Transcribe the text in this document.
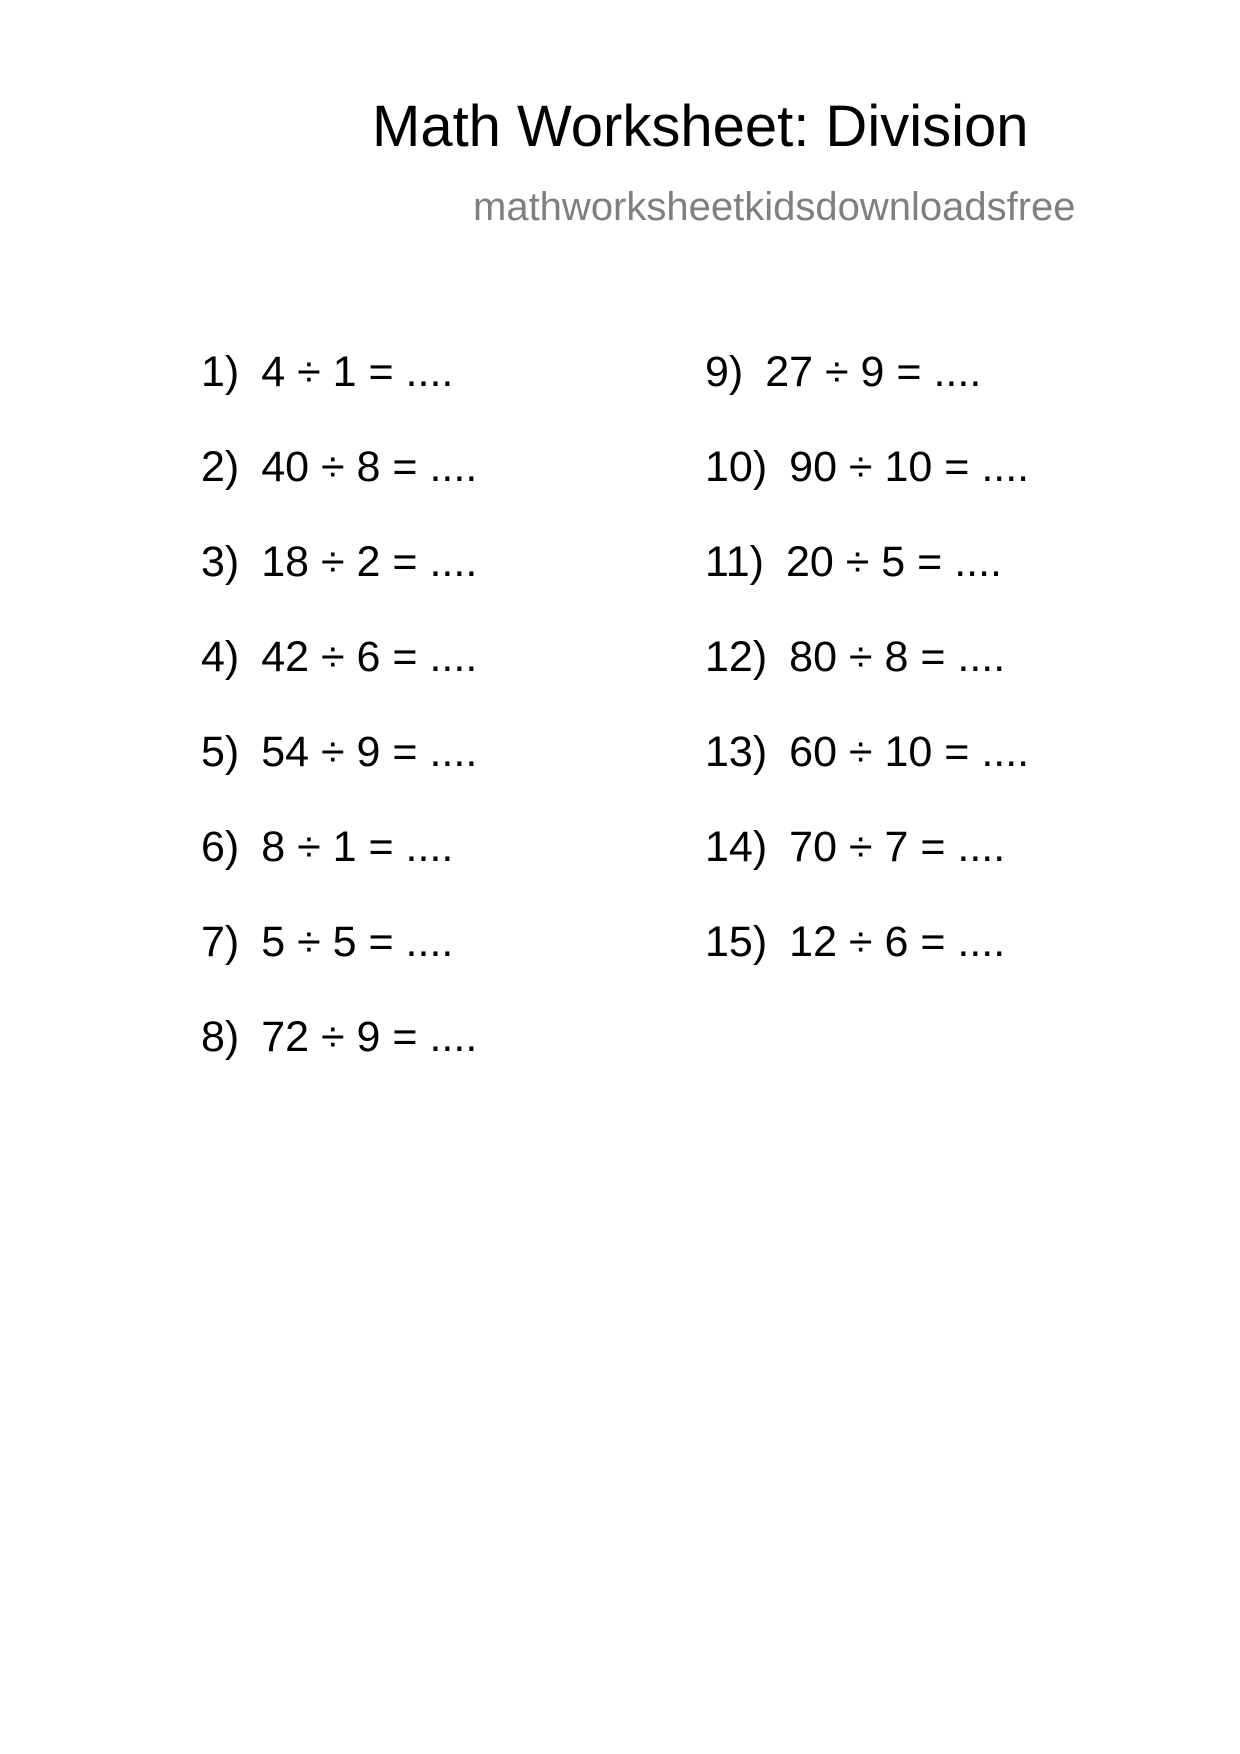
Math Worksheet: Division
mathworksheetkidsdownloadsfree
1) 4 ÷ 1 = ....
2) 40 ÷ 8 = ....
3) 18 ÷ 2 = ....
4) 42 ÷ 6 = ....
5) 54 ÷ 9 = ....
6) 8 ÷ 1 = ....
7) 5 ÷ 5 = ....
8) 72 ÷ 9 = ....
9) 27 ÷ 9 = ....
10) 90 ÷ 10 = ....
11) 20 ÷ 5 = ....
12) 80 ÷ 8 = ....
13) 60 ÷ 10 = ....
14) 70 ÷ 7 = ....
15) 12 ÷ 6 = ....
